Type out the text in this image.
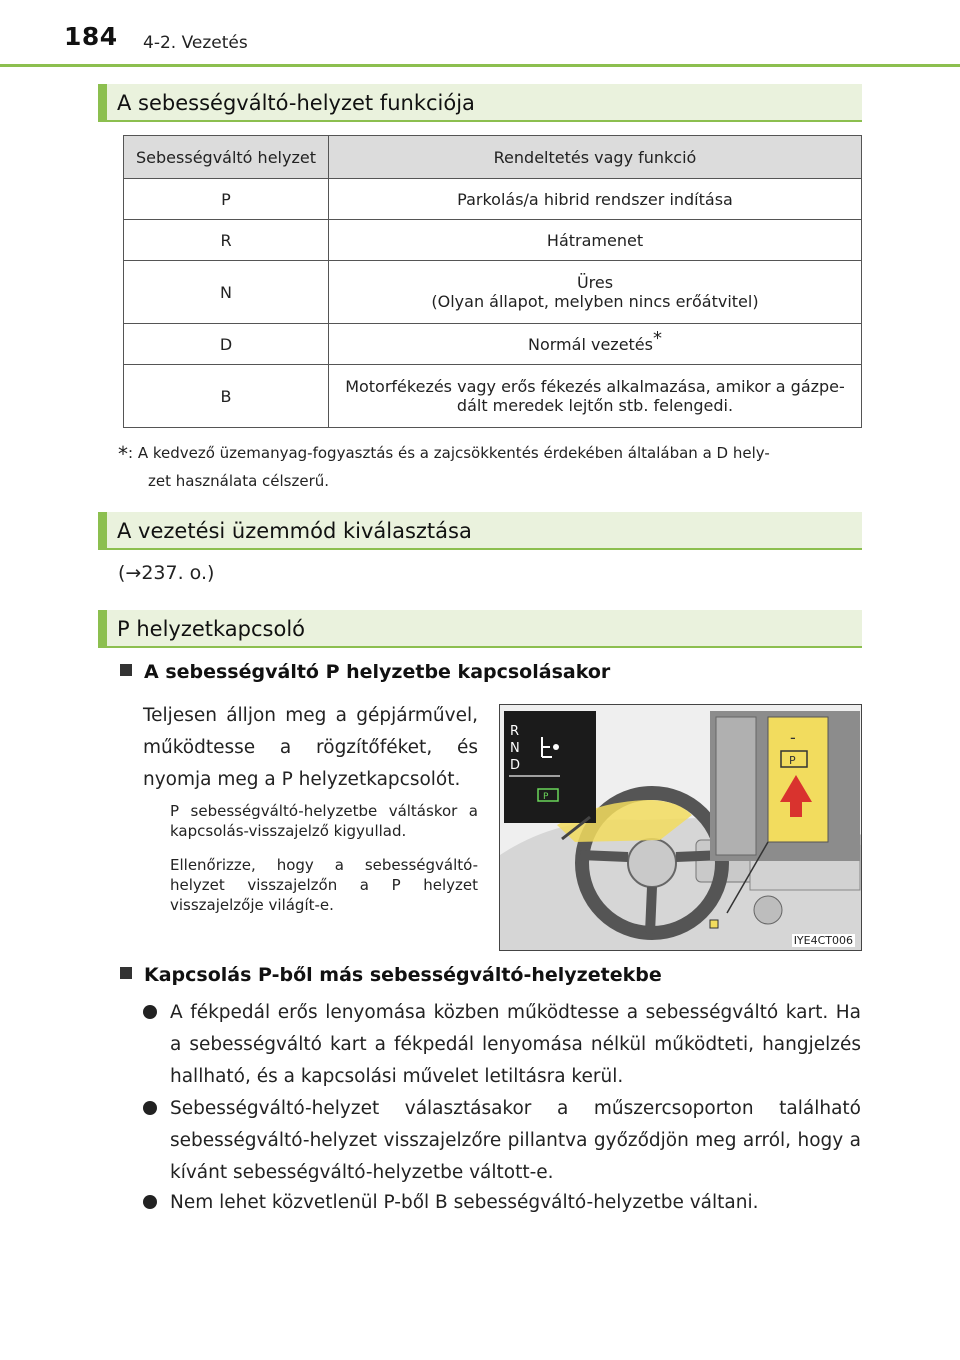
184 4-2. Vezetés
A sebességváltó-helyzet funkciója
Sebességváltó helyzet	Rendeltetés vagy funkció
P	Parkolás/a hibrid rendszer indítása
R	Hátramenet
N	Üres
(Olyan állapot, melyben nincs erőátvitel)

D	Normál vezetés*
B	Motorfékezés vagy erős fékezés alkalmazása, amikor a gázpe-
dált meredek lejtőn stb. felengedi.
*: A kedvező üzemanyag-fogyasztás és a zajcsökkentés érdekében általában a D hely-
zet használata célszerű.
A vezetési üzemmód kiválasztása
(→237. o.)
P helyzetkapcsoló
A sebességváltó P helyzetbe kapcsolásakor
Teljesen álljon meg a gépjárművel, működtesse a rögzítőféket, és nyomja meg a P helyzetkapcsolót.
P sebességváltó-helyzetbe váltáskor a kapcsolás-visszajelző kigyullad.
Ellenőrizze, hogy a sebességváltó-helyzet visszajelzőn a P helyzet visszajelzője világít-e.
R
N
D
P
-
P
IYE4CT006
Kapcsolás P-ből más sebességváltó-helyzetekbe
A fékpedál erős lenyomása közben működtesse a sebességváltó kart. Ha a sebességváltó kart a fékpedál lenyomása nélkül működteti, hangjelzés hallható, és a kapcsolási művelet letiltásra kerül.
Sebességváltó-helyzet választásakor a műszercsoporton található sebességváltó-helyzet visszajelzőre pillantva győződjön meg arról, hogy a kívánt sebességváltó-helyzetbe váltott-e.
Nem lehet közvetlenül P-ből B sebességváltó-helyzetbe váltani.
